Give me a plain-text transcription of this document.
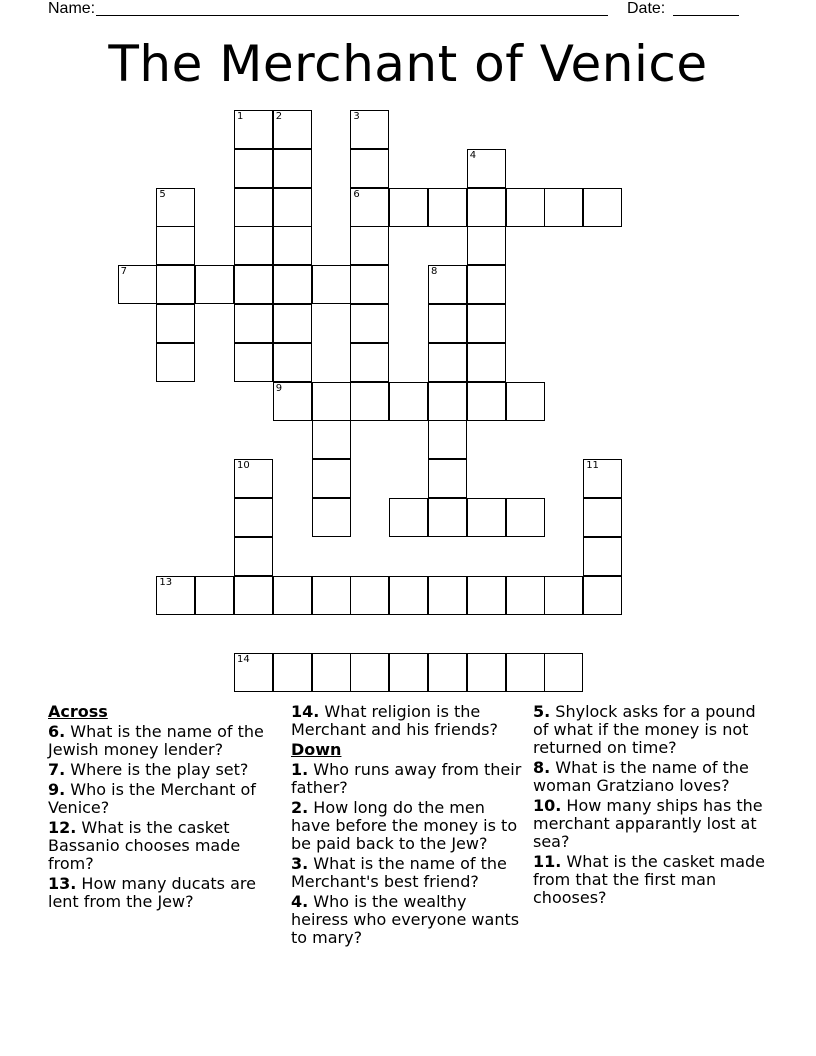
Name:	Date:
The Merchant of Venice
1	2	3
4
5	6
7	8
9
10	11
13
14
Across
6. What is the name of the Jewish money lender?
7. Where is the play set?
9. Who is the Merchant of Venice?
12. What is the casket Bassanio chooses made from?
13. How many ducats are lent from the Jew?
14. What religion is the Merchant and his friends?
Down
1. Who runs away from their father?
2. How long do the men have before the money is to be paid back to the Jew?
3. What is the name of the Merchant's best friend?
4. Who is the wealthy heiress who everyone wants to mary?
5. Shylock asks for a pound of what if the money is not returned on time?
8. What is the name of the woman Gratziano loves?
10. How many ships has the merchant apparantly lost at sea?
11. What is the casket made from that the first man chooses?
